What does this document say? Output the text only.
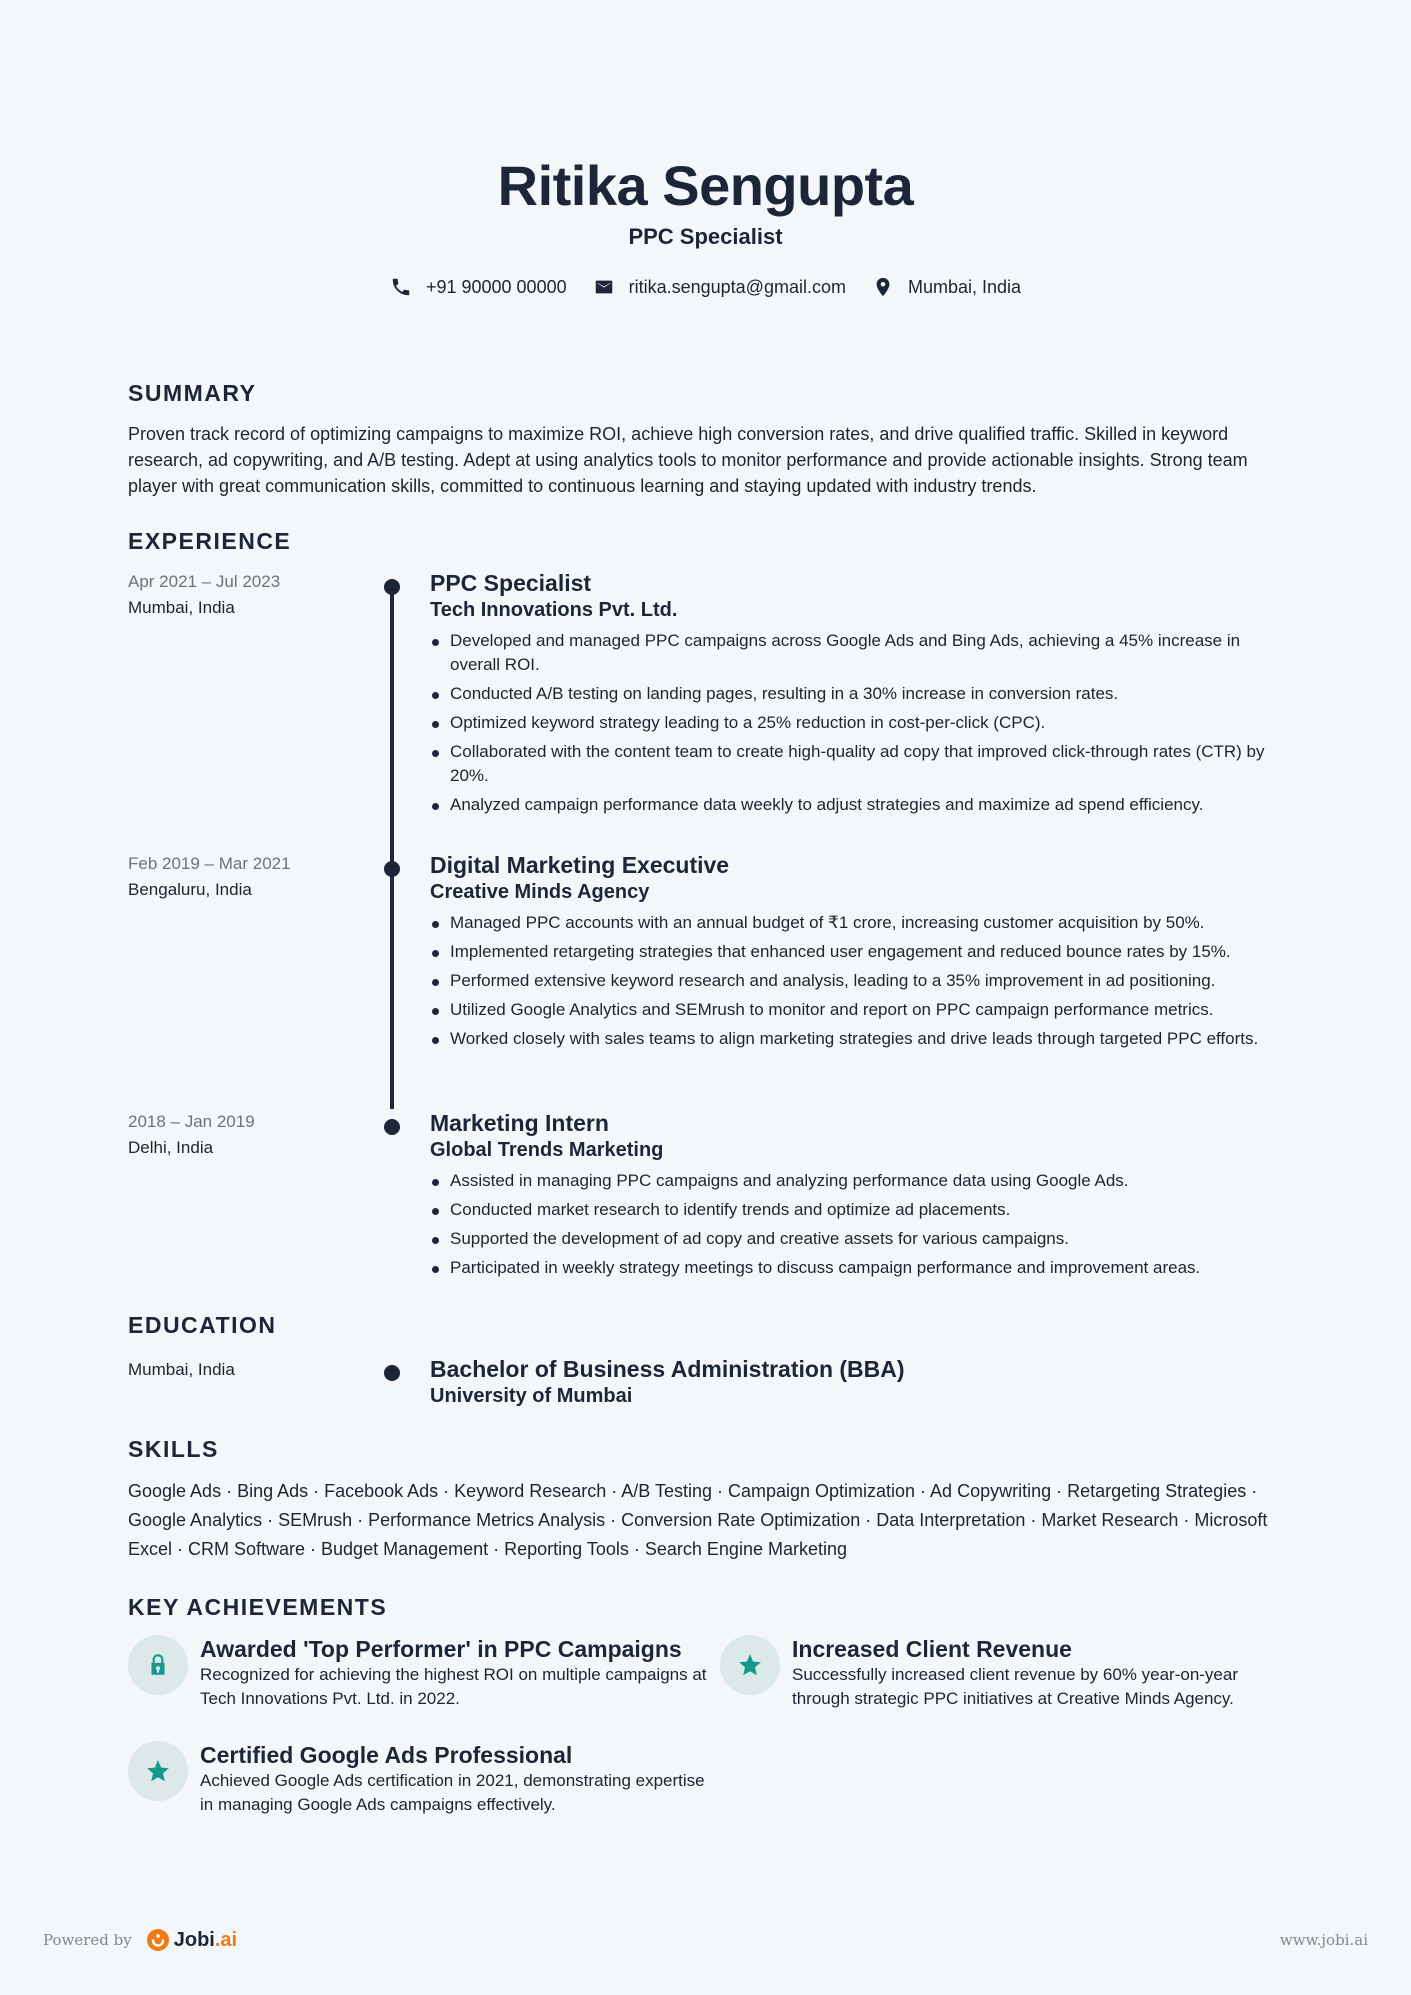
Ritika Sengupta
PPC Specialist
+91 90000 00000	ritika.sengupta@gmail.com	Mumbai, India
SUMMARY
Proven track record of optimizing campaigns to maximize ROI, achieve high conversion rates, and drive qualified traffic. Skilled in keyword research, ad copywriting, and A/B testing. Adept at using analytics tools to monitor performance and provide actionable insights. Strong team player with great communication skills, committed to continuous learning and staying updated with industry trends.
EXPERIENCE
Apr 2021 – Jul 2023
Mumbai, India
PPC Specialist
Tech Innovations Pvt. Ltd.
Developed and managed PPC campaigns across Google Ads and Bing Ads, achieving a 45% increase in overall ROI.
Conducted A/B testing on landing pages, resulting in a 30% increase in conversion rates.
Optimized keyword strategy leading to a 25% reduction in cost-per-click (CPC).
Collaborated with the content team to create high-quality ad copy that improved click-through rates (CTR) by 20%.
Analyzed campaign performance data weekly to adjust strategies and maximize ad spend efficiency.
Feb 2019 – Mar 2021
Bengaluru, India
Digital Marketing Executive
Creative Minds Agency
Managed PPC accounts with an annual budget of ₹1 crore, increasing customer acquisition by 50%.
Implemented retargeting strategies that enhanced user engagement and reduced bounce rates by 15%.
Performed extensive keyword research and analysis, leading to a 35% improvement in ad positioning.
Utilized Google Analytics and SEMrush to monitor and report on PPC campaign performance metrics.
Worked closely with sales teams to align marketing strategies and drive leads through targeted PPC efforts.
2018 – Jan 2019
Delhi, India
Marketing Intern
Global Trends Marketing
Assisted in managing PPC campaigns and analyzing performance data using Google Ads.
Conducted market research to identify trends and optimize ad placements.
Supported the development of ad copy and creative assets for various campaigns.
Participated in weekly strategy meetings to discuss campaign performance and improvement areas.
EDUCATION
Mumbai, India	Bachelor of Business Administration (BBA)
University of Mumbai
SKILLS
Google Ads · Bing Ads · Facebook Ads · Keyword Research · A/B Testing · Campaign Optimization · Ad Copywriting · Retargeting Strategies · Google Analytics · SEMrush · Performance Metrics Analysis · Conversion Rate Optimization · Data Interpretation · Market Research · Microsoft Excel · CRM Software · Budget Management · Reporting Tools · Search Engine Marketing
KEY ACHIEVEMENTS
Awarded 'Top Performer' in PPC Campaigns
Recognized for achieving the highest ROI on multiple campaigns at Tech Innovations Pvt. Ltd. in 2022.
Increased Client Revenue
Successfully increased client revenue by 60% year-on-year through strategic PPC initiatives at Creative Minds Agency.
Certified Google Ads Professional
Achieved Google Ads certification in 2021, demonstrating expertise in managing Google Ads campaigns effectively.
Powered by Jobi .ai	www.jobi.ai
